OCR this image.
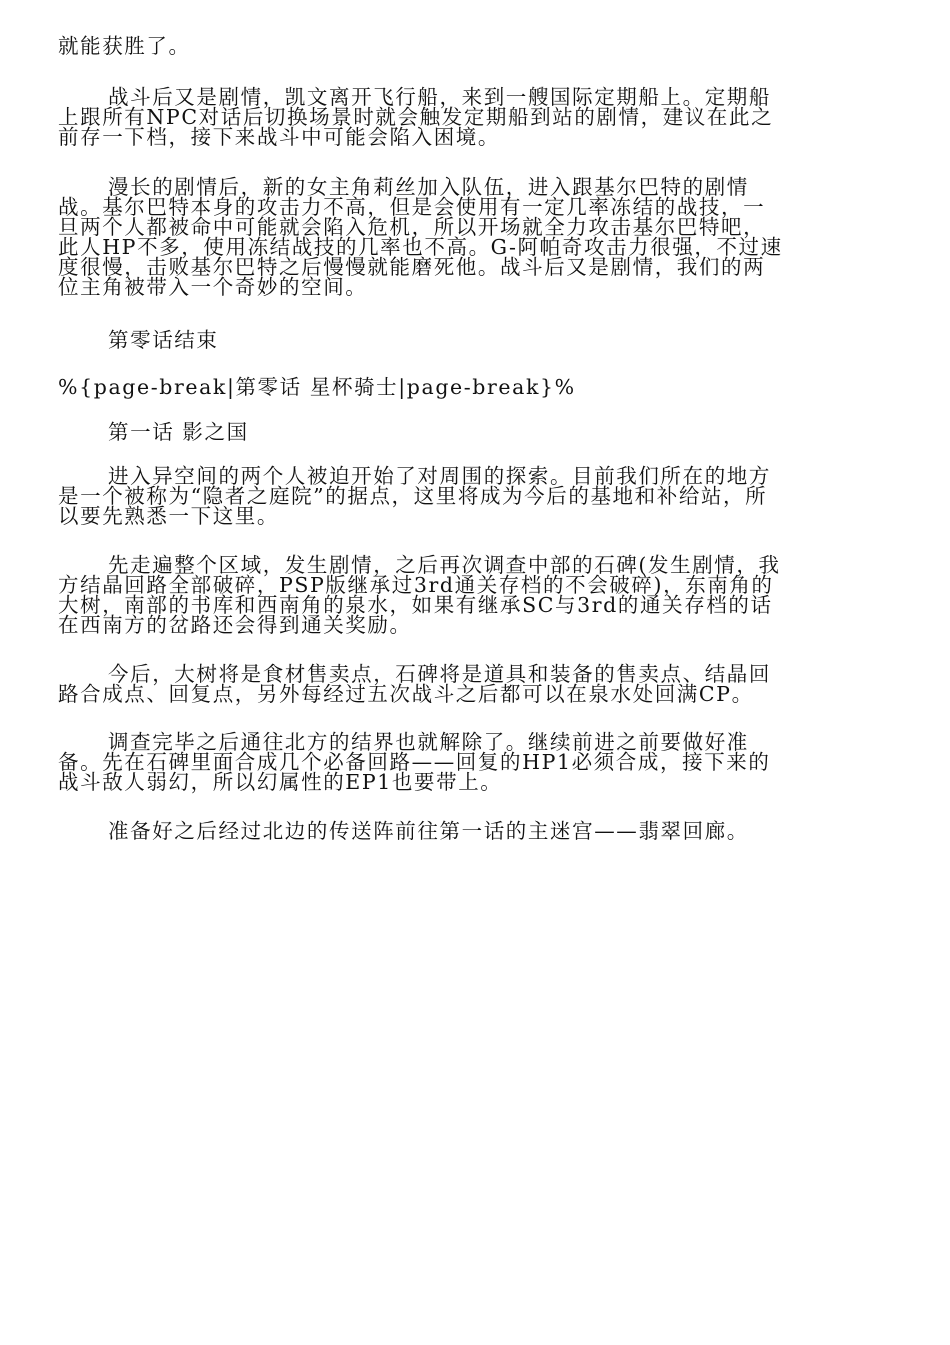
就能获胜了。
战斗后又是剧情，凯文离开飞行船，来到一艘国际定期船上。定期船
上跟所有NPC对话后切换场景时就会触发定期船到站的剧情，建议在此之
前存一下档，接下来战斗中可能会陷入困境。
漫长的剧情后，新的女主角莉丝加入队伍，进入跟基尔巴特的剧情
战。基尔巴特本身的攻击力不高，但是会使用有一定几率冻结的战技，一
旦两个人都被命中可能就会陷入危机，所以开场就全力攻击基尔巴特吧，
此人HP不多，使用冻结战技的几率也不高。G-阿帕奇攻击力很强，不过速
度很慢，击败基尔巴特之后慢慢就能磨死他。战斗后又是剧情，我们的两
位主角被带入一个奇妙的空间。
第零话结束
%{page-break|第零话 星杯骑士|page-break}%
第一话 影之国
进入异空间的两个人被迫开始了对周围的探索。目前我们所在的地方
是一个被称为“隐者之庭院”的据点，这里将成为今后的基地和补给站，所
以要先熟悉一下这里。
先走遍整个区域，发生剧情，之后再次调查中部的石碑(发生剧情，我
方结晶回路全部破碎，PSP版继承过3rd通关存档的不会破碎)，东南角的
大树，南部的书库和西南角的泉水，如果有继承SC与3rd的通关存档的话
在西南方的岔路还会得到通关奖励。
今后，大树将是食材售卖点，石碑将是道具和装备的售卖点、结晶回
路合成点、回复点，另外每经过五次战斗之后都可以在泉水处回满CP。
调查完毕之后通往北方的结界也就解除了。继续前进之前要做好准
备。先在石碑里面合成几个必备回路——回复的HP1必须合成，接下来的
战斗敌人弱幻，所以幻属性的EP1也要带上。
准备好之后经过北边的传送阵前往第一话的主迷宫——翡翠回廊。
